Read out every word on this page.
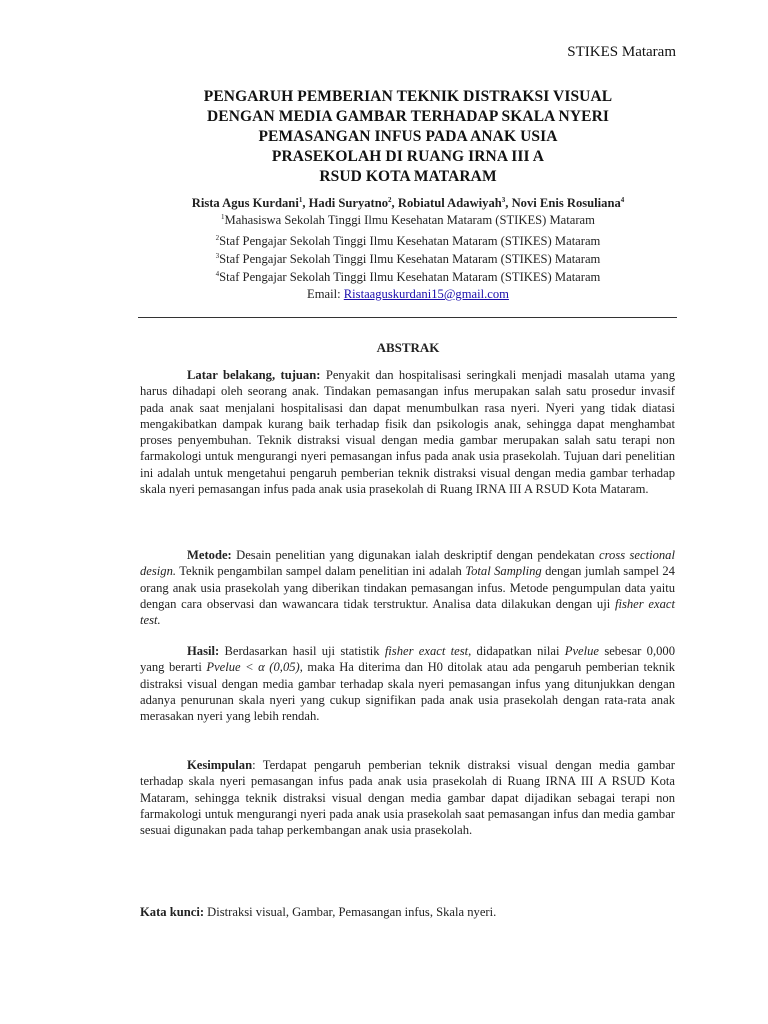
STIKES Mataram
PENGARUH PEMBERIAN TEKNIK DISTRAKSI VISUAL
DENGAN MEDIA GAMBAR TERHADAP SKALA NYERI
PEMASANGAN INFUS PADA ANAK USIA
PRASEKOLAH DI RUANG IRNA III A
RSUD KOTA MATARAM
Rista Agus Kurdani$^1$, Hadi Suryatno$^2$, Robiatul Adawiyah$^3$, Novi Enis Rosuliana$^4$
$^1$Mahasiswa Sekolah Tinggi Ilmu Kesehatan Mataram (STIKES) Mataram
$^2$Staf Pengajar Sekolah Tinggi Ilmu Kesehatan Mataram (STIKES) Mataram
$^3$Staf Pengajar Sekolah Tinggi Ilmu Kesehatan Mataram (STIKES) Mataram
$^4$Staf Pengajar Sekolah Tinggi Ilmu Kesehatan Mataram (STIKES) Mataram
Email: Ristaaguskurdani15@gmail.com
ABSTRAK
Latar belakang, tujuan: Penyakit dan hospitalisasi seringkali menjadi masalah utama yang harus dihadapi oleh seorang anak. Tindakan pemasangan infus merupakan salah satu prosedur invasif pada anak saat menjalani hospitalisasi dan dapat menumbulkan rasa nyeri. Nyeri yang tidak diatasi mengakibatkan dampak kurang baik terhadap fisik dan psikologis anak, sehingga dapat menghambat proses penyembuhan. Teknik distraksi visual dengan media gambar merupakan salah satu terapi non farmakologi untuk mengurangi nyeri pemasangan infus pada anak usia prasekolah. Tujuan dari penelitian ini adalah untuk mengetahui pengaruh pemberian teknik distraksi visual dengan media gambar terhadap skala nyeri pemasangan infus pada anak usia prasekolah di Ruang IRNA III A RSUD Kota Mataram.
Metode: Desain penelitian yang digunakan ialah deskriptif dengan pendekatan cross sectional design. Teknik pengambilan sampel dalam penelitian ini adalah Total Sampling dengan jumlah sampel 24 orang anak usia prasekolah yang diberikan tindakan pemasangan infus. Metode pengumpulan data yaitu dengan cara observasi dan wawancara tidak terstruktur. Analisa data dilakukan dengan uji fisher exact test.
Hasil: Berdasarkan hasil uji statistik fisher exact test, didapatkan nilai Pvelue sebesar 0,000 yang berarti Pvelue < α (0,05), maka Ha diterima dan H0 ditolak atau ada pengaruh pemberian teknik distraksi visual dengan media gambar terhadap skala nyeri pemasangan infus yang ditunjukkan dengan adanya penurunan skala nyeri yang cukup signifikan pada anak usia prasekolah dengan rata-rata anak merasakan nyeri yang lebih rendah.
Kesimpulan: Terdapat pengaruh pemberian teknik distraksi visual dengan media gambar terhadap skala nyeri pemasangan infus pada anak usia prasekolah di Ruang IRNA III A RSUD Kota Mataram, sehingga teknik distraksi visual dengan media gambar dapat dijadikan sebagai terapi non farmakologi untuk mengurangi nyeri pada anak usia prasekolah saat pemasangan infus dan media gambar sesuai digunakan pada tahap perkembangan anak usia prasekolah.
Kata kunci: Distraksi visual, Gambar, Pemasangan infus, Skala nyeri.
